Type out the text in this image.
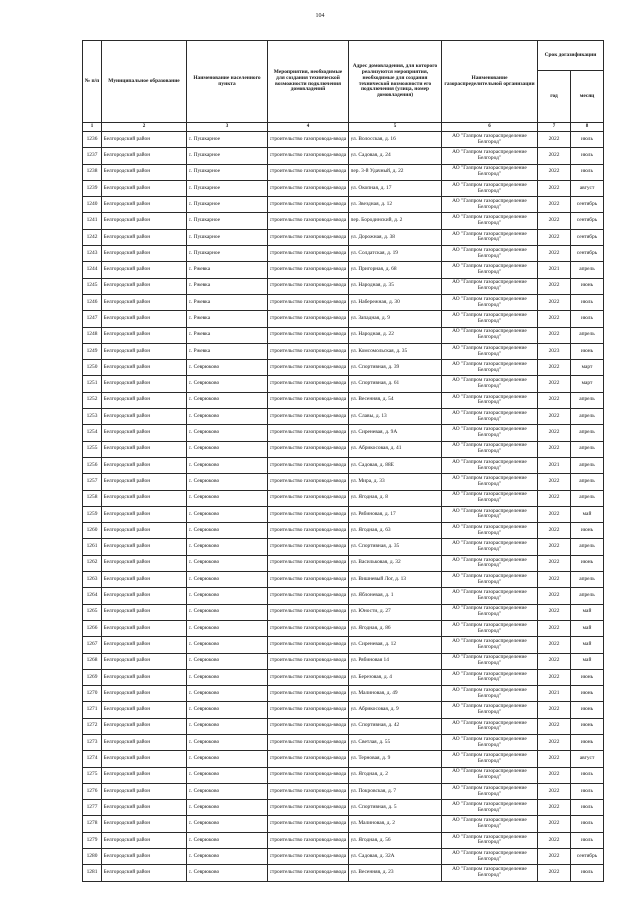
104
№ п/п	Муниципальное образование	Наименование населенного пункта	Мероприятия, необходимые для создания технической возможности подключения домовладений	Адрес домовладения, для которого реализуются мероприятия, необходимые для создания технической возможности его подключения (улица, номер домовладения)	Наименование газораспределительной организации	Срок догазификации	
						год	месяц
1	2	3	4	5	6	7	8

1236	Белгородский район	с. Пушкарное	строительство газопровода-ввода	ул. Волосская, д. 16	АО "Газпром газораспределение Белгород"	2022	июль

1237	Белгородский район	с. Пушкарное	строительство газопровода-ввода	ул. Садовая, д. 24	АО "Газпром газораспределение Белгород"	2022	июль

1238	Белгородский район	с. Пушкарное	строительство газопровода-ввода	пер. 3-й Удачный, д. 22	АО "Газпром газораспределение Белгород"	2022	июль

1239	Белгородский район	с. Пушкарное	строительство газопровода-ввода	ул. Окопная, д. 17	АО "Газпром газораспределение Белгород"	2022	август

1240	Белгородский район	с. Пушкарное	строительство газопровода-ввода	ул. Звездная, д. 12	АО "Газпром газораспределение Белгород"	2022	сентябрь

1241	Белгородский район	с. Пушкарное	строительство газопровода-ввода	пер. Бородинский, д. 2	АО "Газпром газораспределение Белгород"	2022	сентябрь

1242	Белгородский район	с. Пушкарное	строительство газопровода-ввода	ул. Дорожная, д. 38	АО "Газпром газораспределение Белгород"	2022	сентябрь

1243	Белгородский район	с. Пушкарное	строительство газопровода-ввода	ул. Солдатская, д. 19	АО "Газпром газораспределение Белгород"	2022	сентябрь

1244	Белгородский район	с. Ржевка	строительство газопровода-ввода	ул. Пригорная, д. 68	АО "Газпром газораспределение Белгород"	2021	апрель

1245	Белгородский район	с. Ржевка	строительство газопровода-ввода	ул. Народная, д. 35	АО "Газпром газораспределение Белгород"	2022	июнь

1246	Белгородский район	с. Ржевка	строительство газопровода-ввода	ул. Набережная, д. 30	АО "Газпром газораспределение Белгород"	2022	июль

1247	Белгородский район	с. Ржевка	строительство газопровода-ввода	ул. Западная, д. 9	АО "Газпром газораспределение Белгород"	2022	июль

1248	Белгородский район	с. Ржевка	строительство газопровода-ввода	ул. Народная, д. 22	АО "Газпром газораспределение Белгород"	2022	апрель

1249	Белгородский район	с. Ржевка	строительство газопровода-ввода	ул. Комсомольская, д. 35	АО "Газпром газораспределение Белгород"	2023	июнь

1250	Белгородский район	с. Севрюково	строительство газопровода-ввода	ул. Спортивная, д. 39	АО "Газпром газораспределение Белгород"	2022	март

1251	Белгородский район	с. Севрюково	строительство газопровода-ввода	ул. Спортивная, д. 61	АО "Газпром газораспределение Белгород"	2022	март

1252	Белгородский район	с. Севрюково	строительство газопровода-ввода	ул. Весенняя, д. 54	АО "Газпром газораспределение Белгород"	2022	апрель

1253	Белгородский район	с. Севрюково	строительство газопровода-ввода	ул. Славы, д. 13	АО "Газпром газораспределение Белгород"	2022	апрель

1254	Белгородский район	с. Севрюково	строительство газопровода-ввода	ул. Сиреневая, д. 9А	АО "Газпром газораспределение Белгород"	2022	апрель

1255	Белгородский район	с. Севрюково	строительство газопровода-ввода	ул. Абрикосовая, д. 41	АО "Газпром газораспределение Белгород"	2022	апрель

1256	Белгородский район	с. Севрюково	строительство газопровода-ввода	ул. Садовая, д. 88Е	АО "Газпром газораспределение Белгород"	2021	апрель

1257	Белгородский район	с. Севрюково	строительство газопровода-ввода	ул. Мира, д. 33	АО "Газпром газораспределение Белгород"	2022	апрель

1258	Белгородский район	с. Севрюково	строительство газопровода-ввода	ул. Ягодная, д. 8	АО "Газпром газораспределение Белгород"	2022	апрель

1259	Белгородский район	с. Севрюково	строительство газопровода-ввода	ул. Рябиновая, д. 17	АО "Газпром газораспределение Белгород"	2022	май

1260	Белгородский район	с. Севрюково	строительство газопровода-ввода	ул. Ягодная, д. 63	АО "Газпром газораспределение Белгород"	2022	июнь

1261	Белгородский район	с. Севрюково	строительство газопровода-ввода	ул. Спортивная, д. 35	АО "Газпром газораспределение Белгород"	2022	апрель

1262	Белгородский район	с. Севрюково	строительство газопровода-ввода	ул. Васильковая, д. 32	АО "Газпром газораспределение Белгород"	2022	июнь

1263	Белгородский район	с. Севрюково	строительство газопровода-ввода	ул. Вишневый Лог, д. 13	АО "Газпром газораспределение Белгород"	2022	апрель

1264	Белгородский район	с. Севрюково	строительство газопровода-ввода	ул. Яблоневая, д. 1	АО "Газпром газораспределение Белгород"	2022	апрель

1265	Белгородский район	с. Севрюково	строительство газопровода-ввода	ул. Юности, д. 27	АО "Газпром газораспределение Белгород"	2022	май

1266	Белгородский район	с. Севрюково	строительство газопровода-ввода	ул. Ягодная, д. 86	АО "Газпром газораспределение Белгород"	2022	май

1267	Белгородский район	с. Севрюково	строительство газопровода-ввода	ул. Сиреневая, д. 12	АО "Газпром газораспределение Белгород"	2022	май

1268	Белгородский район	с. Севрюково	строительство газопровода-ввода	ул. Рябиновая 14	АО "Газпром газораспределение Белгород"	2022	май

1269	Белгородский район	с. Севрюково	строительство газопровода-ввода	ул. Березовая, д. 4	АО "Газпром газораспределение Белгород"	2022	июнь

1270	Белгородский район	с. Севрюково	строительство газопровода-ввода	ул. Малиновая, д. 49	АО "Газпром газораспределение Белгород"	2021	июнь

1271	Белгородский район	с. Севрюково	строительство газопровода-ввода	ул. Абрикосовая, д. 9	АО "Газпром газораспределение Белгород"	2022	июнь

1272	Белгородский район	с. Севрюково	строительство газопровода-ввода	ул. Спортивная, д. 42	АО "Газпром газораспределение Белгород"	2022	июнь

1273	Белгородский район	с. Севрюково	строительство газопровода-ввода	ул. Светлая, д. 55	АО "Газпром газораспределение Белгород"	2022	июнь

1274	Белгородский район	с. Севрюково	строительство газопровода-ввода	ул. Терновая, д. 9	АО "Газпром газораспределение Белгород"	2022	август

1275	Белгородский район	с. Севрюково	строительство газопровода-ввода	ул. Ягодная, д. 2	АО "Газпром газораспределение Белгород"	2022	июль

1276	Белгородский район	с. Севрюково	строительство газопровода-ввода	ул. Покровская, д. 7	АО "Газпром газораспределение Белгород"	2022	июль

1277	Белгородский район	с. Севрюково	строительство газопровода-ввода	ул. Спортивная, д. 5	АО "Газпром газораспределение Белгород"	2022	июль

1278	Белгородский район	с. Севрюково	строительство газопровода-ввода	ул. Малиновая, д. 2	АО "Газпром газораспределение Белгород"	2022	июль

1279	Белгородский район	с. Севрюково	строительство газопровода-ввода	ул. Ягодная, д. 56	АО "Газпром газораспределение Белгород"	2022	июль

1280	Белгородский район	с. Севрюково	строительство газопровода-ввода	ул. Садовая, д. 32А	АО "Газпром газораспределение Белгород"	2022	сентябрь

1281	Белгородский район	с. Севрюково	строительство газопровода-ввода	ул. Весенняя, д. 23	АО "Газпром газораспределение Белгород"	2022	июль
